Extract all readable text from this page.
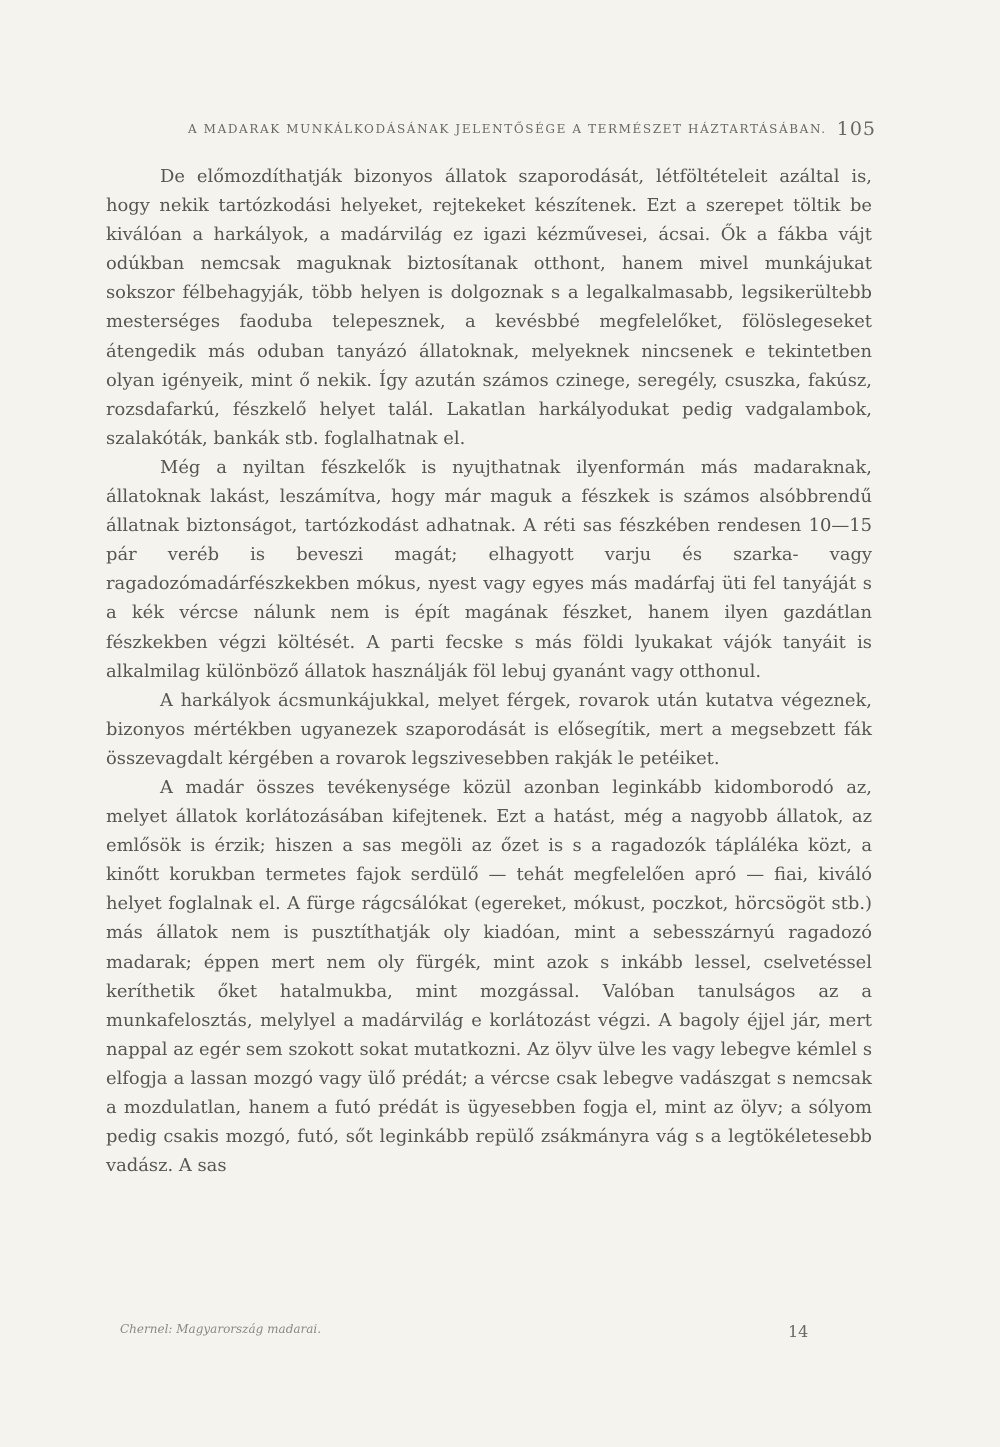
A MADARAK MUNKÁLKODÁSÁNAK JELENTŐSÉGE A TERMÉSZET HÁZTARTÁSÁBAN. 105

De előmozdíthatják bizonyos állatok szaporodását, létföltételeit azáltal is, hogy nekik tartózkodási helyeket, rejtekeket készítenek. Ezt a szerepet töltik be kiválóan a harkályok, a madárvilág ez igazi kézművesei, ácsai. Ők a fákba vájt odúkban nemcsak maguknak biztosítanak otthont, hanem mivel munkájukat sokszor félbehagyják, több helyen is dolgoznak s a legalkalmasabb, legsikerültebb mesterséges faoduba telepesznek, a kevésbbé megfelelőket, fölöslegeseket átengedik más oduban tanyázó állatoknak, melyeknek nincsenek e tekintetben olyan igényeik, mint ő nekik. Így azután számos czinege, seregély, csuszka, fakúsz, rozsdafarkú, fészkelő helyet talál. Lakatlan harkályodukat pedig vadgalambok, szalakóták, bankák stb. foglalhatnak el.

Még a nyiltan fészkelők is nyujthatnak ilyenformán más madaraknak, állatoknak lakást, leszámítva, hogy már maguk a fészkek is számos alsóbbrendű állatnak biztonságot, tartózkodást adhatnak. A réti sas fészkében rendesen 10—15 pár veréb is beveszi magát; elhagyott varju és szarka- vagy ragadozómadárfészkekben mókus, nyest vagy egyes más madárfaj üti fel tanyáját s a kék vércse nálunk nem is épít magának fészket, hanem ilyen gazdátlan fészkekben végzi költését. A parti fecske s más földi lyukakat vájók tanyáit is alkalmilag különböző állatok használják föl lebuj gyanánt vagy otthonul.

A harkályok ácsmunkájukkal, melyet férgek, rovarok után kutatva végeznek, bizonyos mértékben ugyanezek szaporodását is elősegítik, mert a megsebzett fák összevagdalt kérgében a rovarok legszivesebben rakják le petéiket.

A madár összes tevékenysége közül azonban leginkább kidomborodó az, melyet állatok korlátozásában kifejtenek. Ezt a hatást, még a nagyobb állatok, az emlősök is érzik; hiszen a sas megöli az őzet is s a ragadozók tápláléka közt, a kinőtt korukban termetes fajok serdülő — tehát megfelelően apró — fiai, kiváló helyet foglalnak el. A fürge rágcsálókat (egereket, mókust, poczkot, hörcsögöt stb.) más állatok nem is pusztíthatják oly kiadóan, mint a sebesszárnyú ragadozó madarak; éppen mert nem oly fürgék, mint azok s inkább lessel, cselvetéssel keríthetik őket hatalmukba, mint mozgással. Valóban tanulságos az a munkafelosztás, melylyel a madárvilág e korlátozást végzi. A bagoly éjjel jár, mert nappal az egér sem szokott sokat mutatkozni. Az ölyv ülve les vagy lebegve kémlel s elfogja a lassan mozgó vagy ülő prédát; a vércse csak lebegve vadászgat s nemcsak a mozdulatlan, hanem a futó prédát is ügyesebben fogja el, mint az ölyv; a sólyom pedig csakis mozgó, futó, sőt leginkább repülő zsákmányra vág s a legtökéletesebb vadász. A sas

Chernel: Magyarország madarai.	14
